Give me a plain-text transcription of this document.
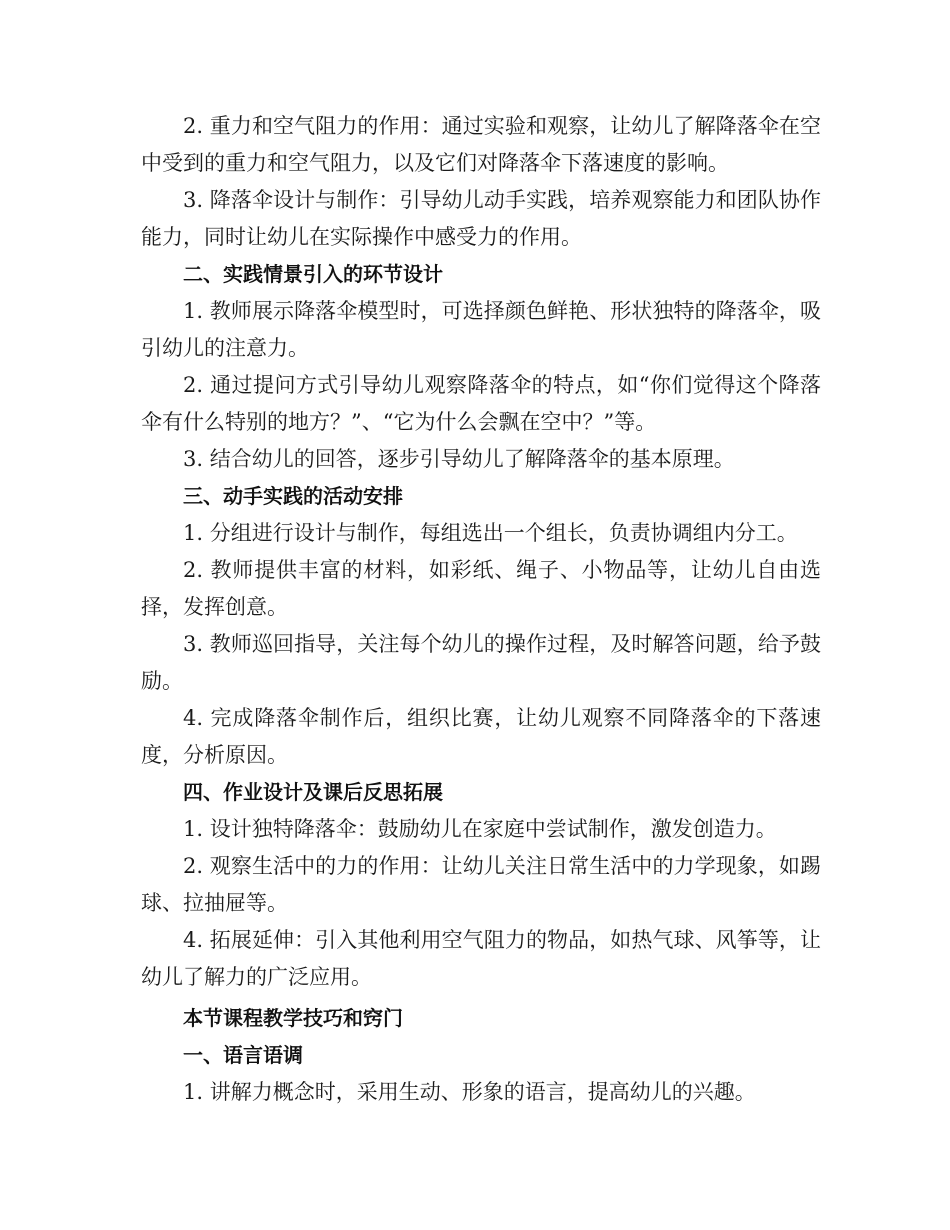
2. 重力和空气阻力的作用：通过实验和观察，让幼儿了解降落伞在空中受到的重力和空气阻力，以及它们对降落伞下落速度的影响。

3. 降落伞设计与制作：引导幼儿动手实践，培养观察能力和团队协作能力，同时让幼儿在实际操作中感受力的作用。

二、实践情景引入的环节设计

1. 教师展示降落伞模型时，可选择颜色鲜艳、形状独特的降落伞，吸引幼儿的注意力。

2. 通过提问方式引导幼儿观察降落伞的特点，如“你们觉得这个降落伞有什么特别的地方？”、“它为什么会飘在空中？”等。

3. 结合幼儿的回答，逐步引导幼儿了解降落伞的基本原理。

三、动手实践的活动安排

1. 分组进行设计与制作，每组选出一个组长，负责协调组内分工。

2. 教师提供丰富的材料，如彩纸、绳子、小物品等，让幼儿自由选择，发挥创意。

3. 教师巡回指导，关注每个幼儿的操作过程，及时解答问题，给予鼓励。

4. 完成降落伞制作后，组织比赛，让幼儿观察不同降落伞的下落速度，分析原因。

四、作业设计及课后反思拓展

1. 设计独特降落伞：鼓励幼儿在家庭中尝试制作，激发创造力。

2. 观察生活中的力的作用：让幼儿关注日常生活中的力学现象，如踢球、拉抽屉等。

4. 拓展延伸：引入其他利用空气阻力的物品，如热气球、风筝等，让幼儿了解力的广泛应用。

本节课程教学技巧和窍门

一、语言语调

1. 讲解力概念时，采用生动、形象的语言，提高幼儿的兴趣。
